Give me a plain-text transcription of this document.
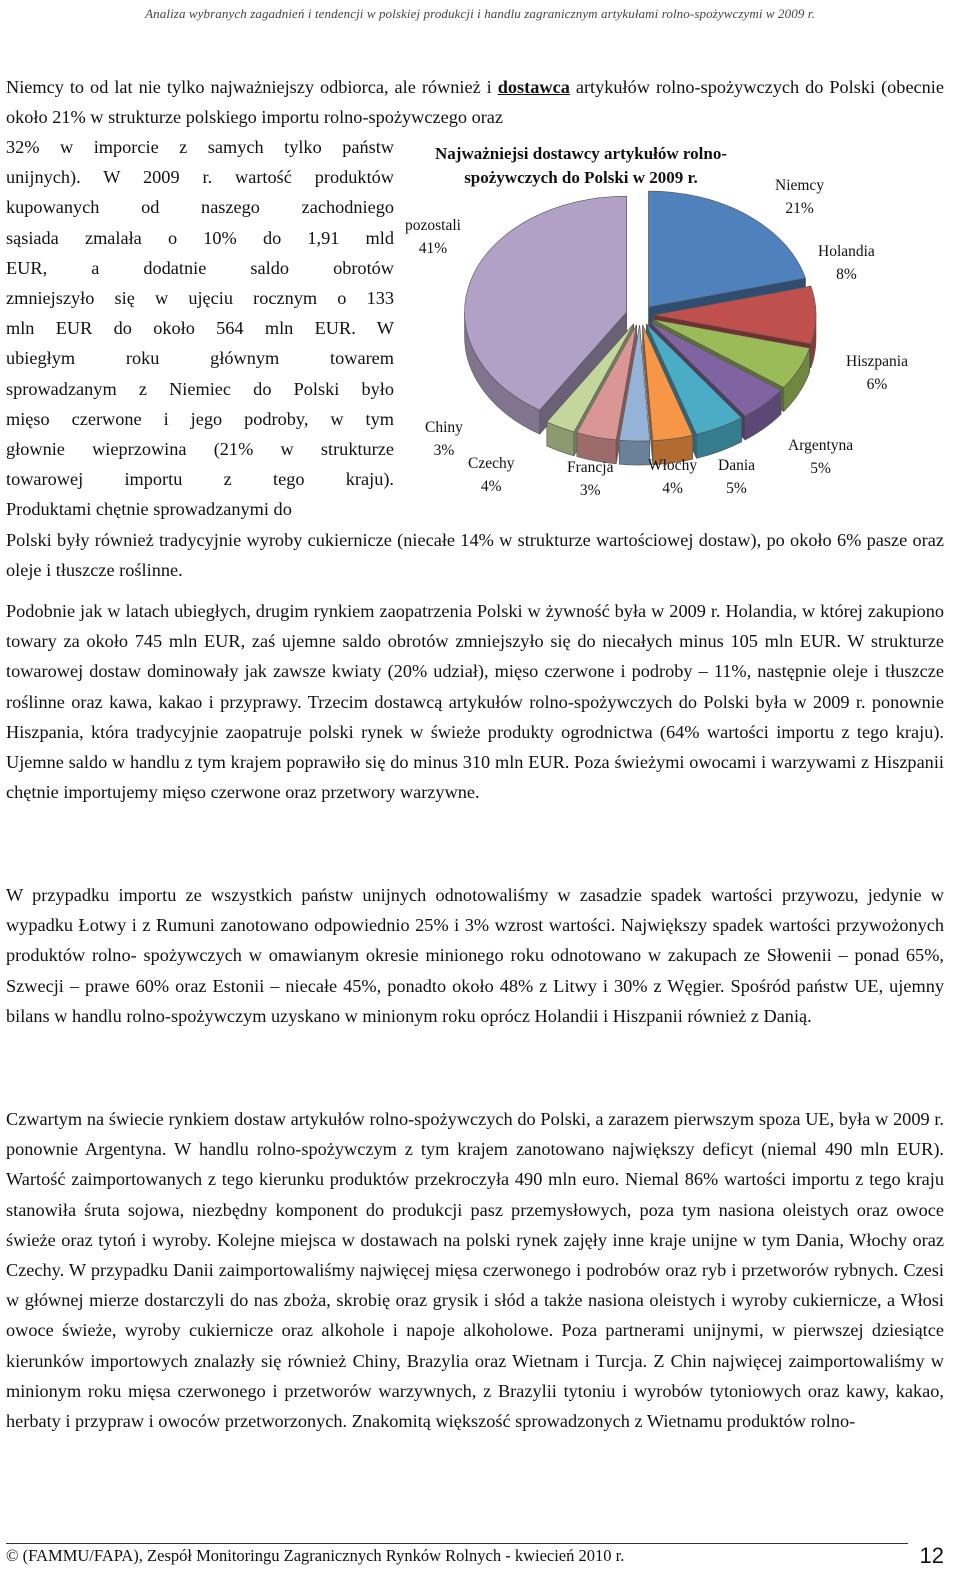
Analiza wybranych zagadnień i tendencji w polskiej produkcji i handlu zagranicznym artykułami rolno-spożywczymi w 2009 r.

Niemcy to od lat nie tylko najważniejszy odbiorca, ale również i dostawca artykułów rolno-spożywczych do Polski (obecnie około 21% w strukturze polskiego importu rolno-spożywczego oraz

32% w imporcie z samych tylko państw
unijnych). W 2009 r. wartość produktów
kupowanych od naszego zachodniego
sąsiada zmalała o 10% do 1,91 mld
EUR, a dodatnie saldo obrotów
zmniejszyło się w ujęciu rocznym o 133
mln EUR do około 564 mln EUR. W
ubiegłym roku głównym towarem
sprowadzanym z Niemiec do Polski było
mięso czerwone i jego podroby, w tym
głownie wieprzowina (21% w strukturze
towarowej importu z tego kraju).
Produktami chętnie sprowadzanymi do

Polski były również tradycyjnie wyroby cukiernicze (niecałe 14% w strukturze wartościowej dostaw), po około 6% pasze oraz oleje i tłuszcze roślinne.

Podobnie jak w latach ubiegłych, drugim rynkiem zaopatrzenia Polski w żywność była w 2009 r. Holandia, w której zakupiono towary za około 745 mln EUR, zaś ujemne saldo obrotów zmniejszyło się do niecałych minus 105 mln EUR. W strukturze towarowej dostaw dominowały jak zawsze kwiaty (20% udział), mięso czerwone i podroby – 11%, następnie oleje i tłuszcze roślinne oraz kawa, kakao i przyprawy. Trzecim dostawcą artykułów rolno-spożywczych do Polski była w 2009 r. ponownie Hiszpania, która tradycyjnie zaopatruje polski rynek w świeże produkty ogrodnictwa (64% wartości importu z tego kraju). Ujemne saldo w handlu z tym krajem poprawiło się do minus 310 mln EUR. Poza świeżymi owocami i warzywami z Hiszpanii chętnie importujemy mięso czerwone oraz przetwory warzywne.

W przypadku importu ze wszystkich państw unijnych odnotowaliśmy w zasadzie spadek wartości przywozu, jedynie w wypadku Łotwy i z Rumuni zanotowano odpowiednio 25% i 3% wzrost wartości. Największy spadek wartości przywożonych produktów rolno- spożywczych w omawianym okresie minionego roku odnotowano w zakupach ze Słowenii – ponad 65%, Szwecji – prawe 60% oraz Estonii – niecałe 45%, ponadto około 48% z Litwy i 30% z Węgier. Spośród państw UE, ujemny bilans w handlu rolno-spożywczym uzyskano w minionym roku oprócz Holandii i Hiszpanii również z Danią.

Czwartym na świecie rynkiem dostaw artykułów rolno-spożywczych do Polski, a zarazem pierwszym spoza UE, była w 2009 r. ponownie Argentyna. W handlu rolno-spożywczym z tym krajem zanotowano największy deficyt (niemal 490 mln EUR). Wartość zaimportowanych z tego kierunku produktów przekroczyła 490 mln euro. Niemal 86% wartości importu z tego kraju stanowiła śruta sojowa, niezbędny komponent do produkcji pasz przemysłowych, poza tym nasiona oleistych oraz owoce świeże oraz tytoń i wyroby. Kolejne miejsca w dostawach na polski rynek zajęły inne kraje unijne w tym Dania, Włochy oraz Czechy. W przypadku Danii zaimportowaliśmy najwięcej mięsa czerwonego i podrobów oraz ryb i przetworów rybnych. Czesi w głównej mierze dostarczyli do nas zboża, skrobię oraz grysik i słód a także nasiona oleistych i wyroby cukiernicze, a Włosi owoce świeże, wyroby cukiernicze oraz alkohole i napoje alkoholowe. Poza partnerami unijnymi, w pierwszej dziesiątce kierunków importowych znalazły się również Chiny, Brazylia oraz Wietnam i Turcja. Z Chin najwięcej zaimportowaliśmy w minionym roku mięsa czerwonego i przetworów warzywnych, z Brazylii tytoniu i wyrobów tytoniowych oraz kawy, kakao, herbaty i przypraw i owoców przetworzonych. Znakomitą większość sprowadzonych z Wietnamu produktów rolno-

Najważniejsi dostawcy artykułów rolno-
spożywczych do Polski w 2009 r.	Niemcy
21%
Holandia
8%
Hiszpania
6%
Argentyna
5%
Dania
5%
Włochy
4%
Francja
3%
Czechy
4%
Chiny
3%
pozostali
41%
© (FAMMU/FAPA), Zespół Monitoringu Zagranicznych Rynków Rolnych - kwiecień 2010 r.	12
